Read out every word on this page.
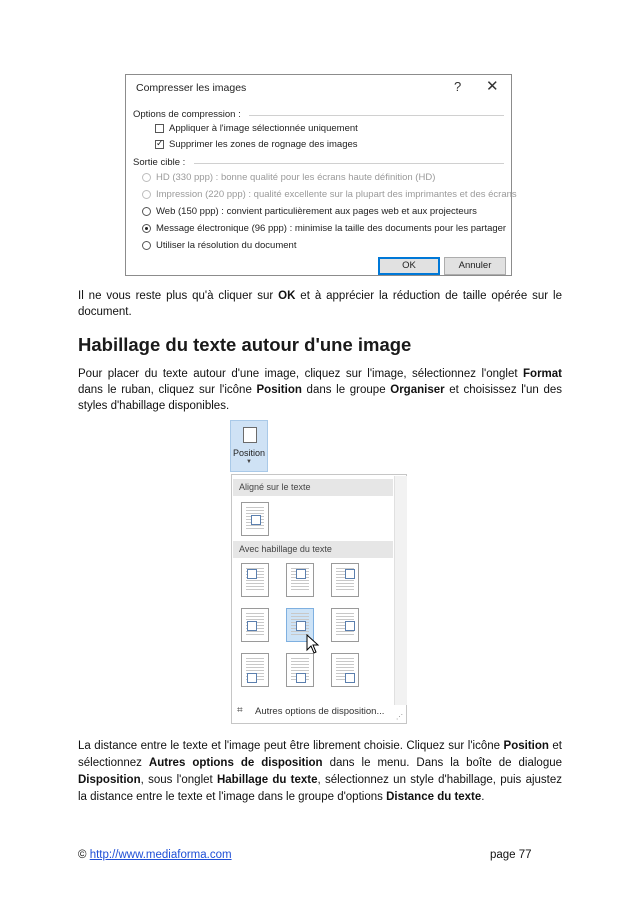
Compresser les images	? ✕
Options de compression :
Appliquer à l'image sélectionnée uniquement
✓
Supprimer les zones de rognage des images
Sortie cible :
HD (330 ppp) : bonne qualité pour les écrans haute définition (HD)
Impression (220 ppp) : qualité excellente sur la plupart des imprimantes et des écrans
Web (150 ppp) : convient particulièrement aux pages web et aux projecteurs
Message électronique (96 ppp) : minimise la taille des documents pour les partager
Utiliser la résolution du document
OK	Annuler
Il ne vous reste plus qu'à cliquer sur OK et à apprécier la réduction de taille opérée sur le document.
Habillage du texte autour d'une image
Pour placer du texte autour d'une image, cliquez sur l'image, sélectionnez l'onglet Format dans le ruban, cliquez sur l'icône Position dans le groupe Organiser et choisissez l'un des styles d'habillage disponibles.
Position
▼
Aligné sur le texte
Avec habillage du texte
⌗ Autres options de disposition...
⋰
La distance entre le texte et l'image peut être librement choisie. Cliquez sur l'icône Position et sélectionnez Autres options de disposition dans le menu. Dans la boîte de dialogue Disposition, sous l'onglet Habillage du texte, sélectionnez un style d'habillage, puis ajustez la distance entre le texte et l'image dans le groupe d'options Distance du texte.
© http://www.mediaforma.com	page 77
